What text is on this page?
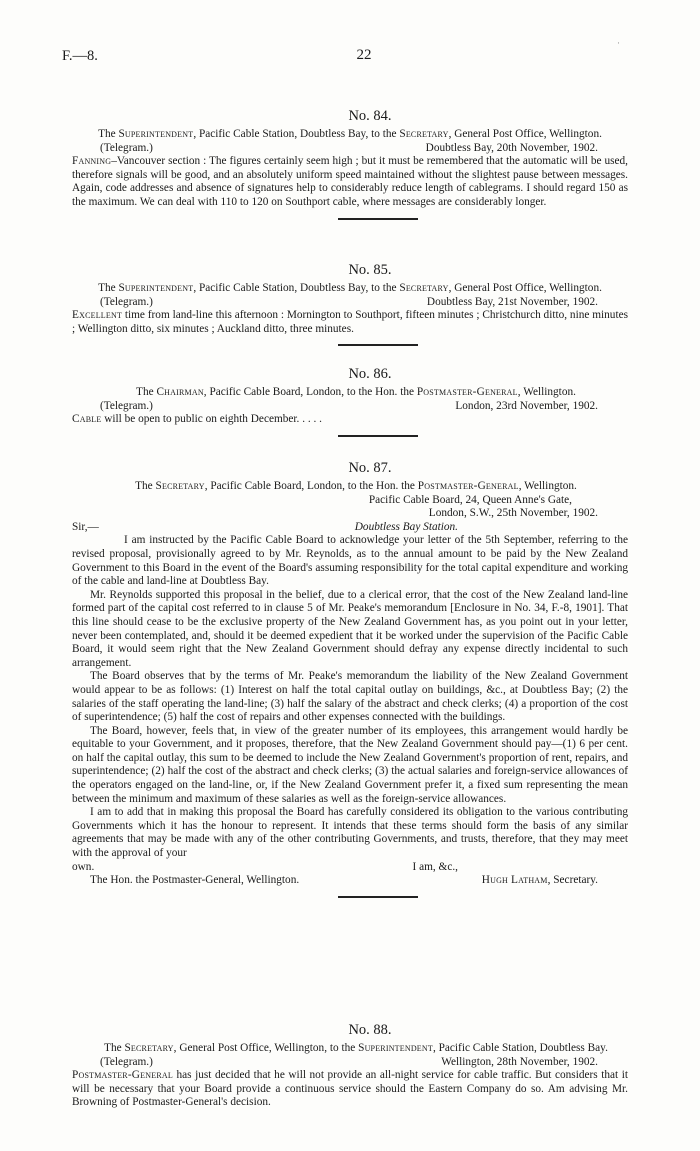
·
F.—8.	22
No. 84.

The Superintendent, Pacific Cable Station, Doubtless Bay, to the Secretary, General Post Office, Wellington.

(Telegram.)	Doubtless Bay, 20th November, 1902.

Fanning–Vancouver section : The figures certainly seem high ; but it must be remembered that the automatic will be used, therefore signals will be good, and an absolutely uniform speed maintained without the slightest pause between messages. Again, code addresses and absence of signatures help to considerably reduce length of cablegrams. I should regard 150 as the maximum. We can deal with 110 to 120 on Southport cable, where messages are considerably longer.

No. 85.

The Superintendent, Pacific Cable Station, Doubtless Bay, to the Secretary, General Post Office, Wellington.

(Telegram.)	Doubtless Bay, 21st November, 1902.

Excellent time from land-line this afternoon : Mornington to Southport, fifteen minutes ; Christchurch ditto, nine minutes ; Wellington ditto, six minutes ; Auckland ditto, three minutes.

No. 86.

The Chairman, Pacific Cable Board, London, to the Hon. the Postmaster-General, Wellington.

(Telegram.)	London, 23rd November, 1902.

Cable will be open to public on eighth December. . . . .

No. 87.

The Secretary, Pacific Cable Board, London, to the Hon. the Postmaster-General, Wellington.

Pacific Cable Board, 24, Queen Anne's Gate,

London, S.W., 25th November, 1902.

Sir,—	Doubtless Bay Station.

I am instructed by the Pacific Cable Board to acknowledge your letter of the 5th September, referring to the revised proposal, provisionally agreed to by Mr. Reynolds, as to the annual amount to be paid by the New Zealand Government to this Board in the event of the Board's assuming responsibility for the total capital expenditure and working of the cable and land-line at Doubtless Bay.

Mr. Reynolds supported this proposal in the belief, due to a clerical error, that the cost of the New Zealand land-line formed part of the capital cost referred to in clause 5 of Mr. Peake's memorandum [Enclosure in No. 34, F.-8, 1901]. That this line should cease to be the exclusive property of the New Zealand Government has, as you point out in your letter, never been contemplated, and, should it be deemed expedient that it be worked under the supervision of the Pacific Cable Board, it would seem right that the New Zealand Government should defray any expense directly incidental to such arrangement.

The Board observes that by the terms of Mr. Peake's memorandum the liability of the New Zealand Government would appear to be as follows: (1) Interest on half the total capital outlay on buildings, &c., at Doubtless Bay; (2) the salaries of the staff operating the land-line; (3) half the salary of the abstract and check clerks; (4) a proportion of the cost of superintendence; (5) half the cost of repairs and other expenses connected with the buildings.

The Board, however, feels that, in view of the greater number of its employees, this arrangement would hardly be equitable to your Government, and it proposes, therefore, that the New Zealand Government should pay—(1) 6 per cent. on half the capital outlay, this sum to be deemed to include the New Zealand Government's proportion of rent, repairs, and superintendence; (2) half the cost of the abstract and check clerks; (3) the actual salaries and foreign-service allowances of the operators engaged on the land-line, or, if the New Zealand Government prefer it, a fixed sum representing the mean between the minimum and maximum of these salaries as well as the foreign-service allowances.

I am to add that in making this proposal the Board has carefully considered its obligation to the various contributing Governments which it has the honour to represent. It intends that these terms should form the basis of any similar agreements that may be made with any of the other contributing Governments, and trusts, therefore, that they may meet with the approval of your

own.	I am, &c.,
The Hon. the Postmaster-General, Wellington.	Hugh Latham, Secretary.
No. 88.

The Secretary, General Post Office, Wellington, to the Superintendent, Pacific Cable Station, Doubtless Bay.

(Telegram.)	Wellington, 28th November, 1902.

Postmaster-General has just decided that he will not provide an all-night service for cable traffic. But considers that it will be necessary that your Board provide a continuous service should the Eastern Company do so. Am advising Mr. Browning of Postmaster-General's decision.
